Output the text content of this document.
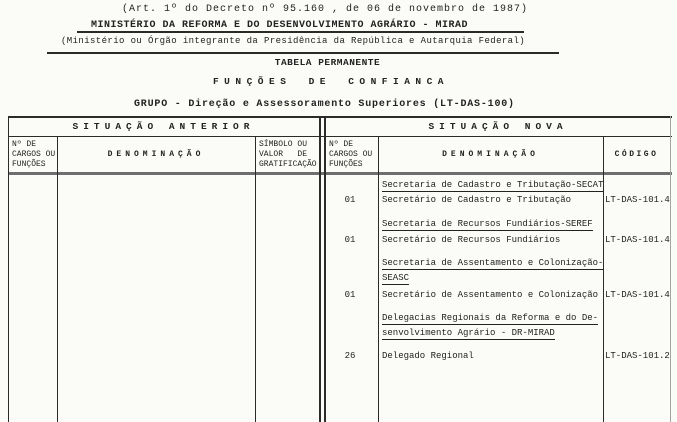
(Art. 1º do Decreto nº 95.160 , de 06 de novembro de 1987)
MINISTÉRIO DA REFORMA E DO DESENVOLVIMENTO AGRÁRIO - MIRAD
(Ministério ou Órgão integrante da Presidência da República e Autarquia Federal)
TABELA PERMANENTE
FUNÇÕES DE CONFIANCA
GRUPO - Direção e Assessoramento Superiores (LT-DAS-100)
SITUAÇÃO ANTERIOR	SITUAÇÃO NOVA
Nº DE
CARGOS OU
FUNÇÕES
DENOMINAÇÃO
SÍMBOLO OU
VALOR   DE
GRATIFICAÇÃO
Nº DE
CARGOS OU
FUNÇÕES
DENOMINAÇÃO	CÓDIGO
Secretaria de Cadastro e Tributação-SECAT
01	Secretário de Cadastro e Tributação	LT-DAS-101.4
Secretaria de Recursos Fundiários-SEREF
01	Secretário de Recursos Fundiários	LT-DAS-101.4
Secretaria de Assentamento e Colonização-
SEASC
01	Secretário de Assentamento e Colonização LT-DAS-101.4
Delegacias Regionais da Reforma e do De-
senvolvimento Agrário - DR-MIRAD
26	Delegado Regional	LT-DAS-101.2
